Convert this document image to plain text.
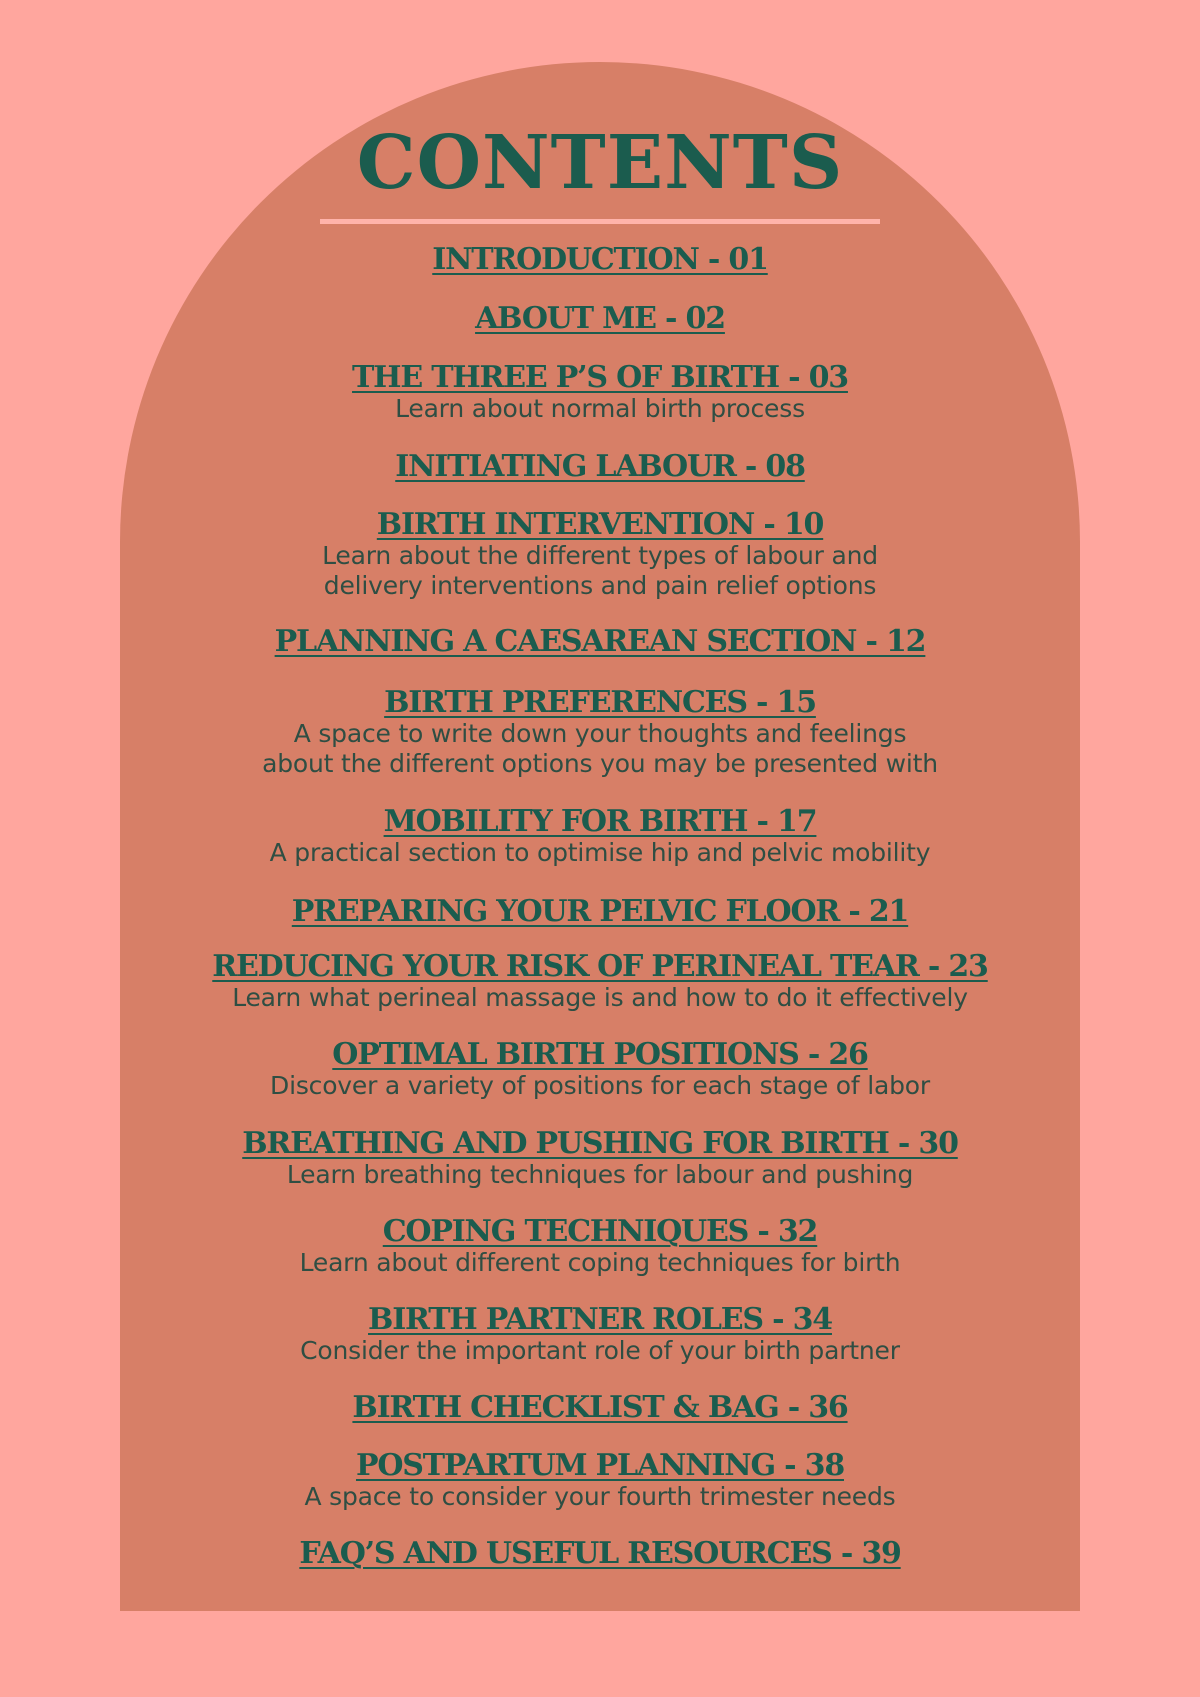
CONTENTS
INTRODUCTION - 01
ABOUT ME - 02
THE THREE P’S OF BIRTH - 03

Learn about normal birth process

INITIATING LABOUR - 08
BIRTH INTERVENTION - 10

Learn about the different types of labour and

delivery interventions and pain relief options

PLANNING A CAESAREAN SECTION - 12
BIRTH PREFERENCES - 15

A space to write down your thoughts and feelings

about the different options you may be presented with

MOBILITY FOR BIRTH - 17

A practical section to optimise hip and pelvic mobility

PREPARING YOUR PELVIC FLOOR - 21
REDUCING YOUR RISK OF PERINEAL TEAR - 23

Learn what perineal massage is and how to do it effectively

OPTIMAL BIRTH POSITIONS - 26

Discover a variety of positions for each stage of labor

BREATHING AND PUSHING FOR BIRTH - 30

Learn breathing techniques for labour and pushing

COPING TECHNIQUES - 32

Learn about different coping techniques for birth

BIRTH PARTNER ROLES - 34

Consider the important role of your birth partner

BIRTH CHECKLIST & BAG - 36
POSTPARTUM PLANNING - 38

A space to consider your fourth trimester needs

FAQ’S AND USEFUL RESOURCES - 39
